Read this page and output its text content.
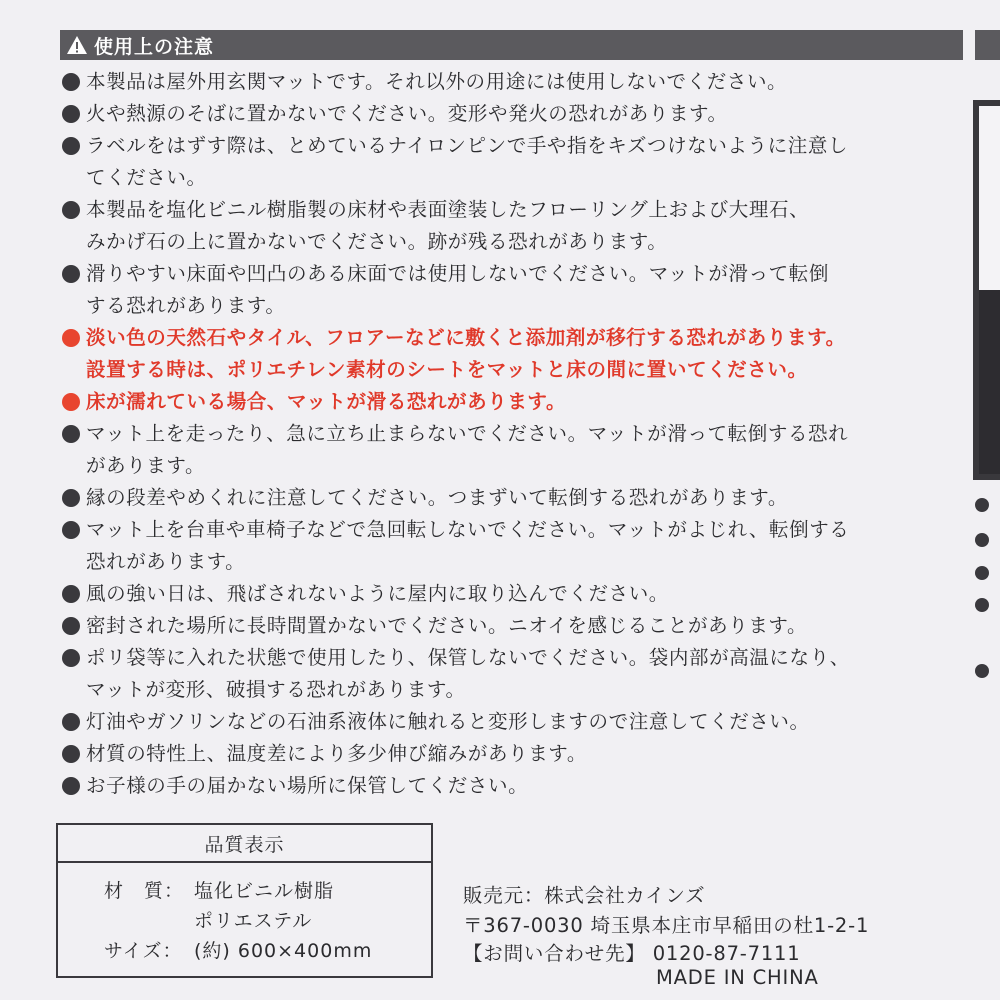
使用上の注意
本製品は屋外用玄関マットです。それ以外の用途には使用しないでください。
火や熱源のそばに置かないでください。変形や発火の恐れがあります。
ラベルをはずす際は、とめているナイロンピンで手や指をキズつけないように注意し
てください。
本製品を塩化ビニル樹脂製の床材や表面塗装したフローリング上および大理石、
みかげ石の上に置かないでください。跡が残る恐れがあります。
滑りやすい床面や凹凸のある床面では使用しないでください。マットが滑って転倒
する恐れがあります。
淡い色の天然石やタイル、フロアーなどに敷くと添加剤が移行する恐れがあります。
設置する時は、ポリエチレン素材のシートをマットと床の間に置いてください。
床が濡れている場合、マットが滑る恐れがあります。
マット上を走ったり、急に立ち止まらないでください。マットが滑って転倒する恐れ
があります。
縁の段差やめくれに注意してください。つまずいて転倒する恐れがあります。
マット上を台車や車椅子などで急回転しないでください。マットがよじれ、転倒する
恐れがあります。
風の強い日は、飛ばされないように屋内に取り込んでください。
密封された場所に長時間置かないでください。ニオイを感じることがあります。
ポリ袋等に入れた状態で使用したり、保管しないでください。袋内部が高温になり、
マットが変形、破損する恐れがあります。
灯油やガソリンなどの石油系液体に触れると変形しますので注意してください。
材質の特性上、温度差により多少伸び縮みがあります。
お子様の手の届かない場所に保管してください。
品質表示
材　質： 塩化ビニル樹脂
ポリエステル
サイズ： (約) 600×400mm
販売元：株式会社カインズ
〒367-0030 埼玉県本庄市早稲田の杜1-2-1
【お問い合わせ先】 0120-87-7111
MADE IN CHINA
